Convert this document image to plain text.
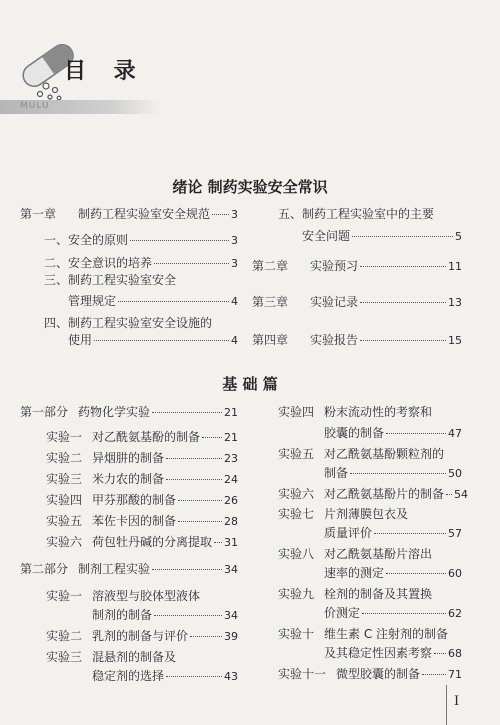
目 录
MULU
绪论 制药实验安全常识
第一章 制药工程实验室安全规范 3
一、安全的原则	3
二、安全意识的培养	3
三、制药工程实验室安全
管理规定	4
四、制药工程实验室安全设施的
使用	4
五、制药工程实验室中的主要
安全问题	5
第二章 实验预习	11
第三章 实验记录	13
第四章 实验报告	15
基 础 篇
第一部分 药物化学实验	21
实验一 对乙酰氨基酚的制备 21
实验二 异烟肼的制备	23
实验三 米力农的制备	24
实验四 甲芬那酸的制备	26
实验五 苯佐卡因的制备	28
实验六 荷包牡丹碱的分离提取 31
第二部分 制剂工程实验	34
实验一 溶液型与胶体型液体
制剂的制备	34
实验二 乳剂的制备与评价	39
实验三 混悬剂的制备及
稳定剂的选择	43
实验四 粉末流动性的考察和
胶囊的制备	47
实验五 对乙酰氨基酚颗粒剂的
制备	50
实验六 对乙酰氨基酚片的制备 54
实验七 片剂薄膜包衣及
质量评价	57
实验八 对乙酰氨基酚片溶出
速率的测定	60
实验九 栓剂的制备及其置换
价测定	62
实验十 维生素 C 注射剂的制备
及其稳定性因素考察 68
实验十一 微型胶囊的制备	71
I
